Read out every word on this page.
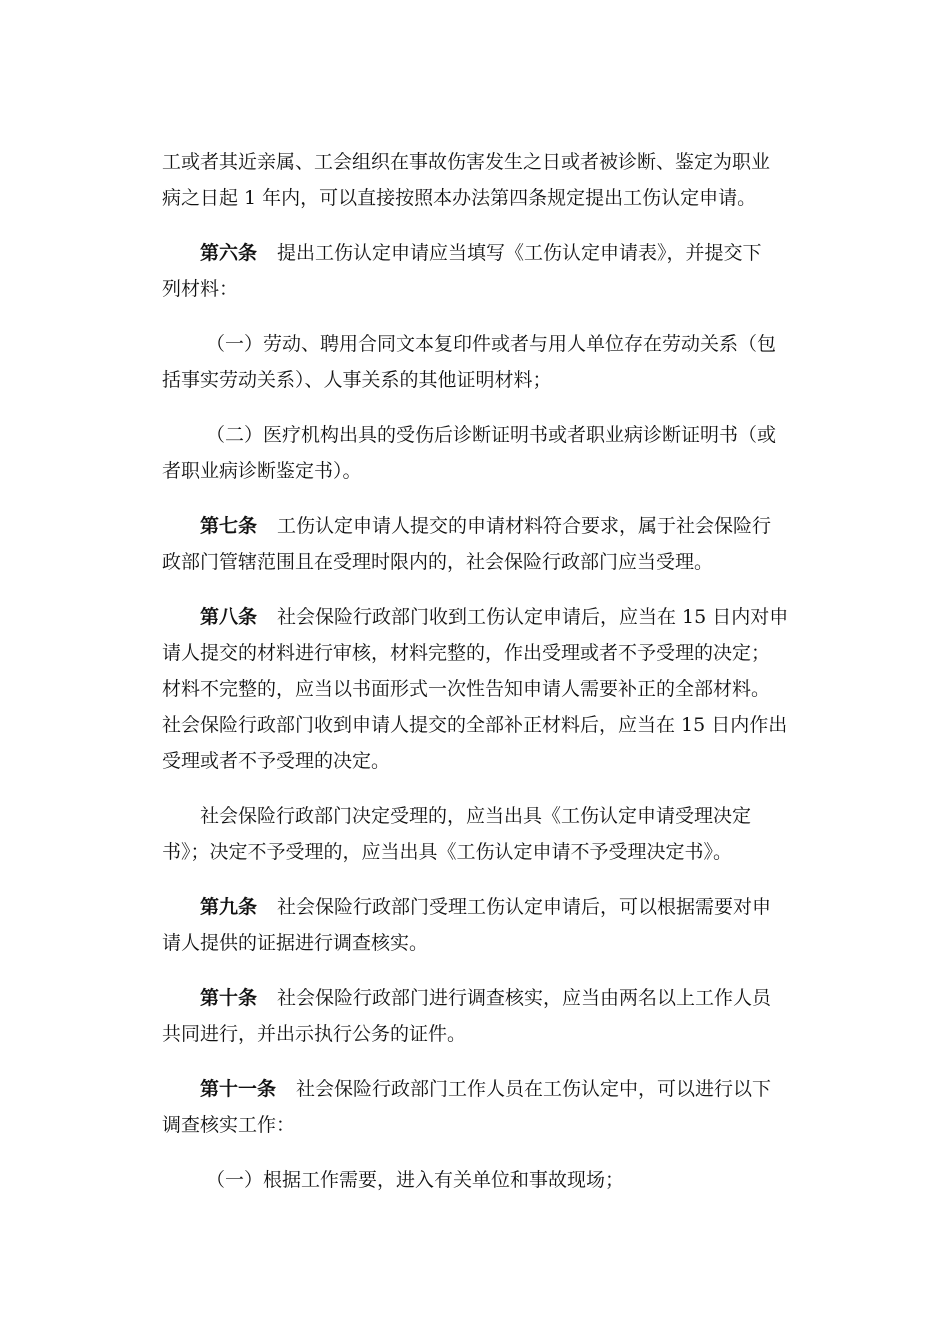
工或者其近亲属、工会组织在事故伤害发生之日或者被诊断、鉴定为职业
病之日起 1 年内，可以直接按照本办法第四条规定提出工伤认定申请。
第六条 提出工伤认定申请应当填写《工伤认定申请表》，并提交下
列材料：
（一）劳动、聘用合同文本复印件或者与用人单位存在劳动关系（包
括事实劳动关系）、人事关系的其他证明材料；
（二）医疗机构出具的受伤后诊断证明书或者职业病诊断证明书（或
者职业病诊断鉴定书）。
第七条 工伤认定申请人提交的申请材料符合要求，属于社会保险行
政部门管辖范围且在受理时限内的，社会保险行政部门应当受理。
第八条 社会保险行政部门收到工伤认定申请后，应当在 15 日内对申
请人提交的材料进行审核，材料完整的，作出受理或者不予受理的决定；
材料不完整的，应当以书面形式一次性告知申请人需要补正的全部材料。
社会保险行政部门收到申请人提交的全部补正材料后，应当在 15 日内作出
受理或者不予受理的决定。
社会保险行政部门决定受理的，应当出具《工伤认定申请受理决定
书》；决定不予受理的，应当出具《工伤认定申请不予受理决定书》。
第九条 社会保险行政部门受理工伤认定申请后，可以根据需要对申
请人提供的证据进行调查核实。
第十条 社会保险行政部门进行调查核实，应当由两名以上工作人员
共同进行，并出示执行公务的证件。
第十一条 社会保险行政部门工作人员在工伤认定中，可以进行以下
调查核实工作：
（一）根据工作需要，进入有关单位和事故现场；
